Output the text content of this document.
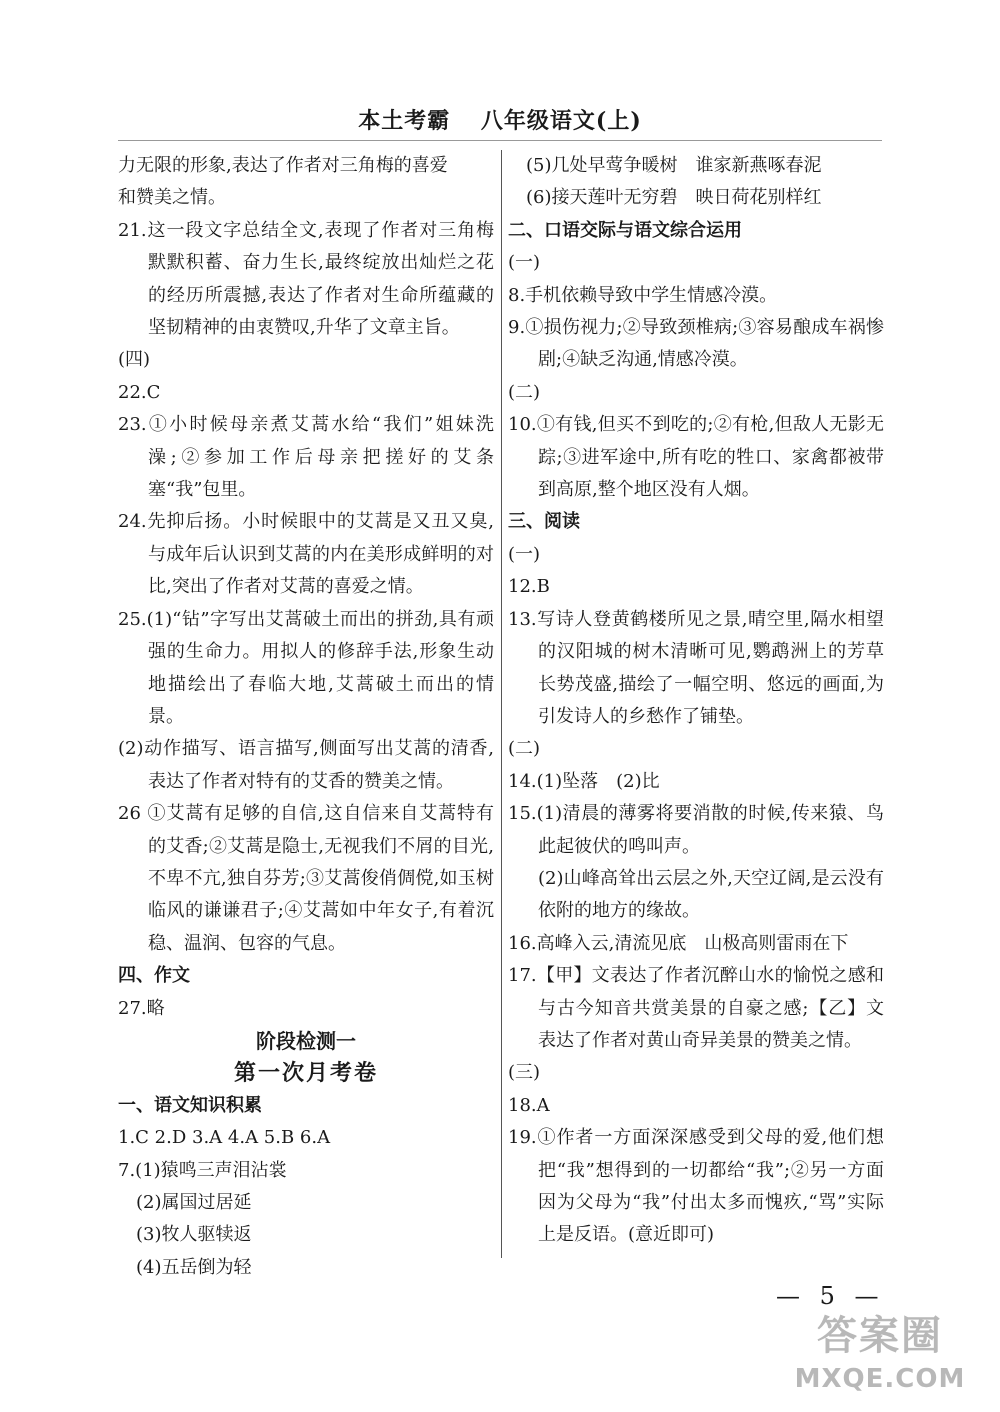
本土考霸 八年级语文(上)

力无限的形象,表达了作者对三角梅的喜爱

和赞美之情。

21.这一段文字总结全文,表现了作者对三角梅默默积蓄、奋力生长,最终绽放出灿烂之花的经历所震撼,表达了作者对生命所蕴藏的坚韧精神的由衷赞叹,升华了文章主旨。

(四)

22.C

23.①小时候母亲煮艾蒿水给“我们”姐妹洗澡;②参加工作后母亲把搓好的艾条塞“我”包里。

24.先抑后扬。小时候眼中的艾蒿是又丑又臭,与成年后认识到艾蒿的内在美形成鲜明的对比,突出了作者对艾蒿的喜爱之情。

25.(1)“钻”字写出艾蒿破土而出的拼劲,具有顽强的生命力。用拟人的修辞手法,形象生动地描绘出了春临大地,艾蒿破土而出的情景。

(2)动作描写、语言描写,侧面写出艾蒿的清香,表达了作者对特有的艾香的赞美之情。

26 ①艾蒿有足够的自信,这自信来自艾蒿特有的艾香;②艾蒿是隐士,无视我们不屑的目光,不卑不亢,独自芬芳;③艾蒿俊俏倜傥,如玉树临风的谦谦君子;④艾蒿如中年女子,有着沉稳、温润、包容的气息。

四、作文

27.略

阶段检测一

第一次月考卷

一、语文知识积累

1.C 2.D 3.A 4.A 5.B 6.A

7.(1)猿鸣三声泪沾裳

(2)属国过居延

(3)牧人驱犊返

(4)五岳倒为轻

(5)几处早莺争暖树　谁家新燕啄春泥

(6)接天莲叶无穷碧　映日荷花别样红

二、口语交际与语文综合运用

(一)

8.手机依赖导致中学生情感冷漠。

9.①损伤视力;②导致颈椎病;③容易酿成车祸惨剧;④缺乏沟通,情感冷漠。

(二)

10.①有钱,但买不到吃的;②有枪,但敌人无影无踪;③进军途中,所有吃的牲口、家禽都被带到高原,整个地区没有人烟。

三、阅读

(一)

12.B

13.写诗人登黄鹤楼所见之景,晴空里,隔水相望的汉阳城的树木清晰可见,鹦鹉洲上的芳草长势茂盛,描绘了一幅空明、悠远的画面,为引发诗人的乡愁作了铺垫。

(二)

14.(1)坠落　(2)比

15.(1)清晨的薄雾将要消散的时候,传来猿、鸟此起彼伏的鸣叫声。

(2)山峰高耸出云层之外,天空辽阔,是云没有依附的地方的缘故。

16.高峰入云,清流见底　山极高则雷雨在下

17.【甲】文表达了作者沉醉山水的愉悦之感和与古今知音共赏美景的自豪之感;【乙】文表达了作者对黄山奇异美景的赞美之情。

(三)

18.A

19.①作者一方面深深感受到父母的爱,他们想把“我”想得到的一切都给“我”;②另一方面因为父母为“我”付出太多而愧疚,“骂”实际上是反语。(意近即可)

— 5 —
答案圈
MXQE.COM
